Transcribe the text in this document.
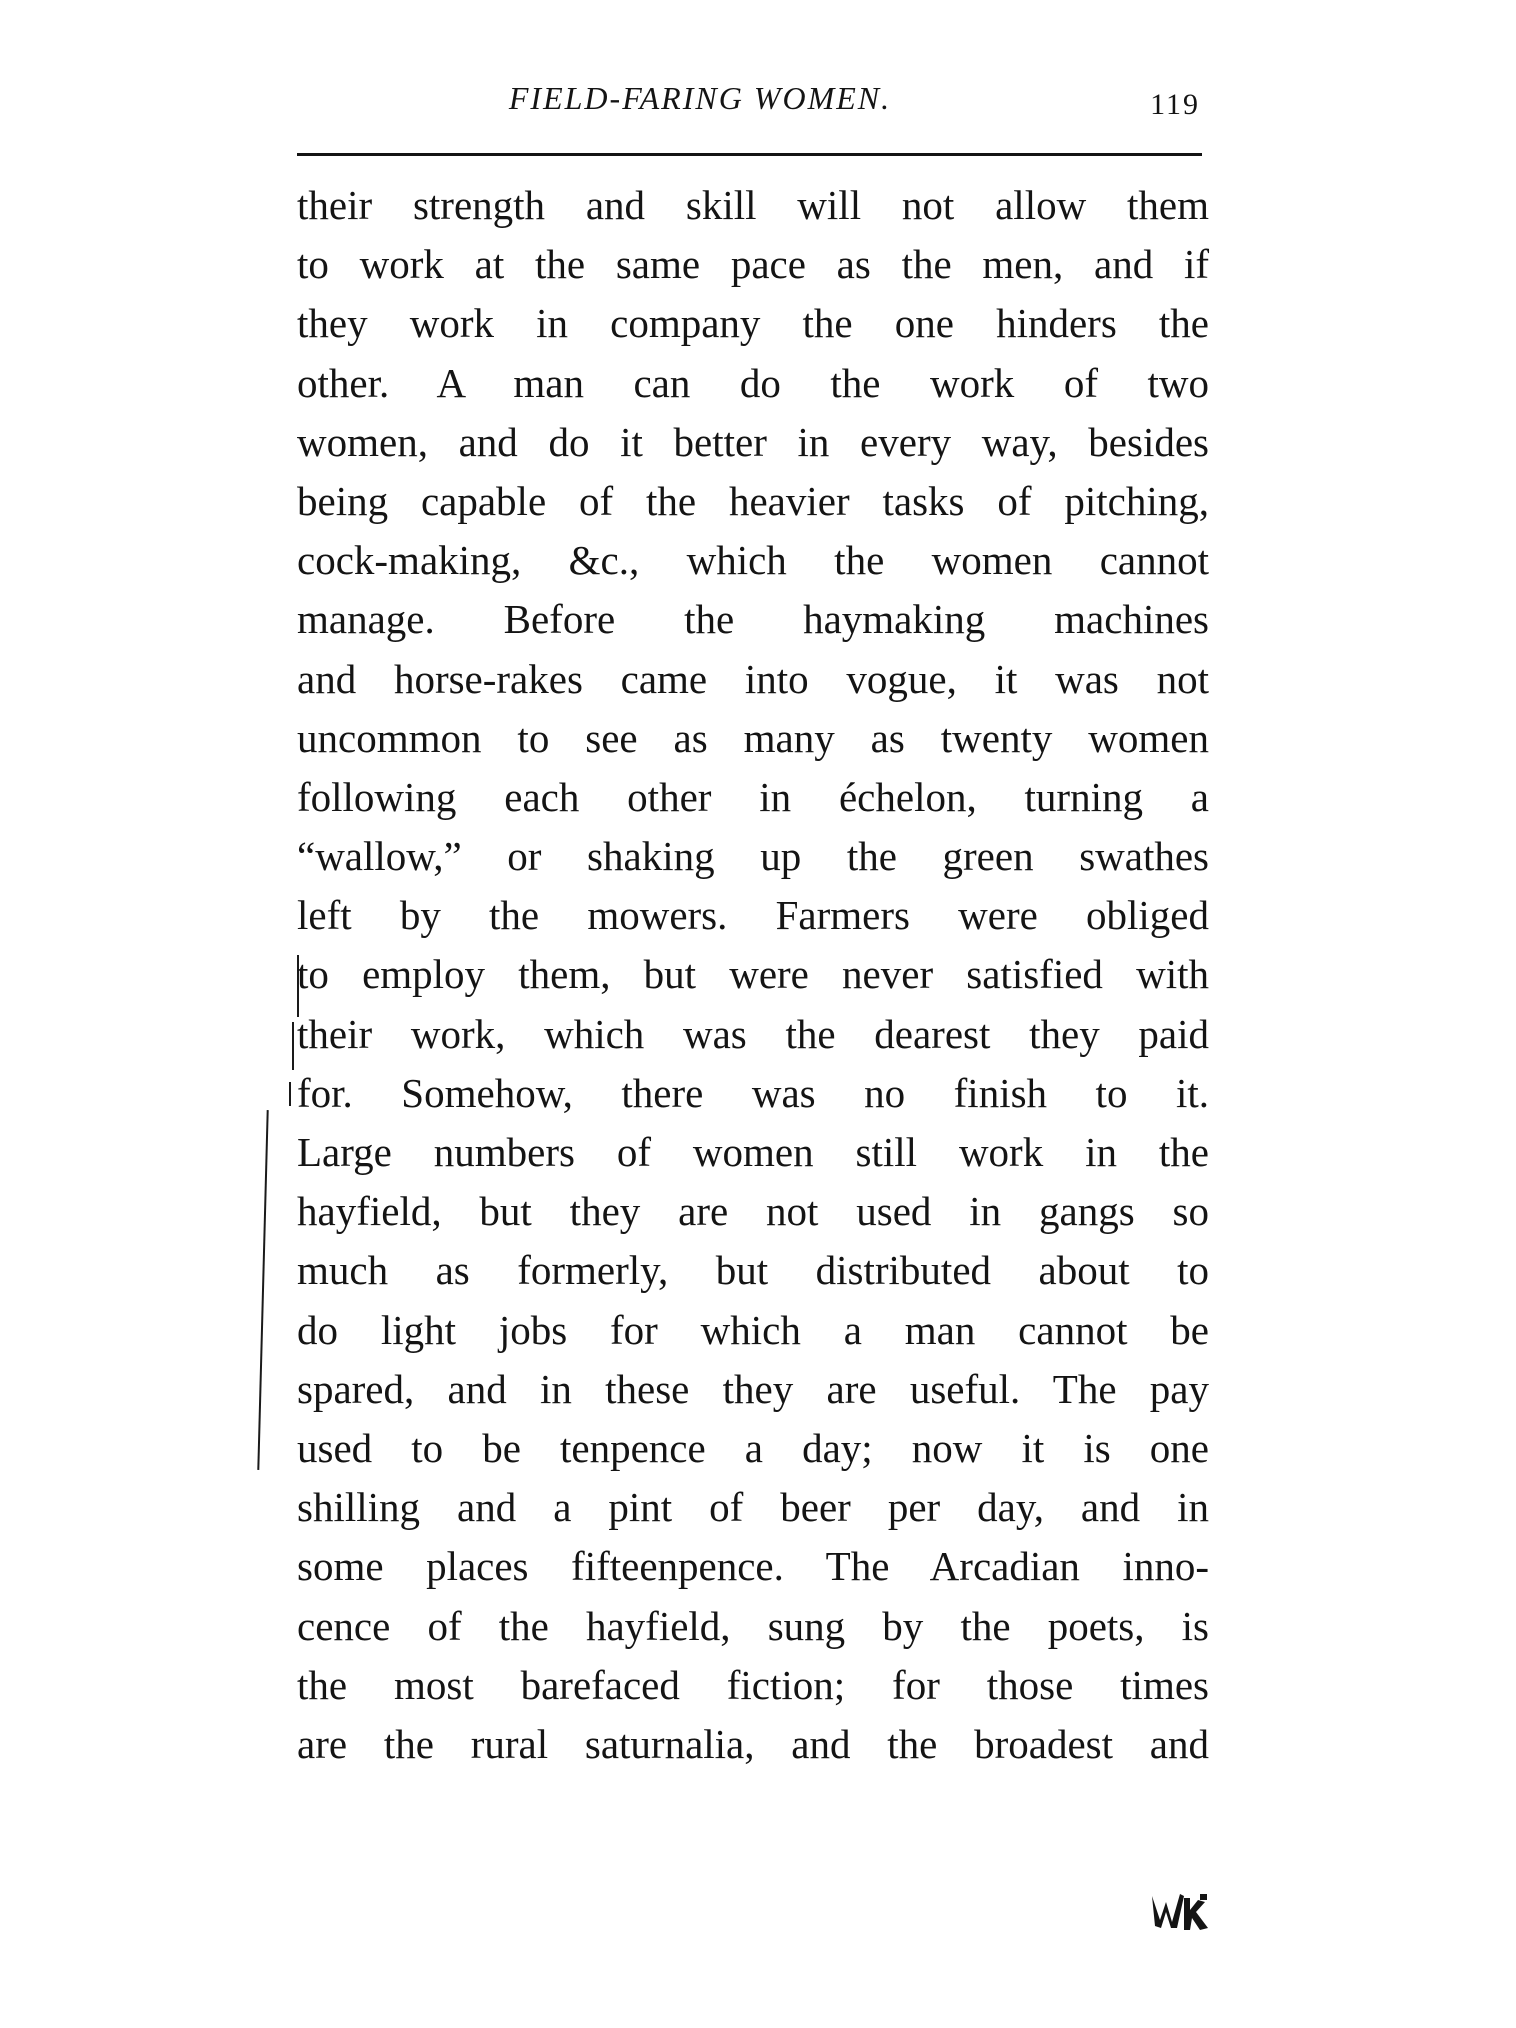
FIELD-FARING WOMEN.	119
their strength and skill will not allow them
to work at the same pace as the men, and if
they work in company the one hinders the
other. A man can do the work of two
women, and do it better in every way, besides
being capable of the heavier tasks of pitching,
cock-making, &c., which the women cannot
manage. Before the haymaking machines
and horse-rakes came into vogue, it was not
uncommon to see as many as twenty women
following each other in échelon, turning a
“wallow,” or shaking up the green swathes
left by the mowers. Farmers were obliged
to employ them, but were never satisfied with
their work, which was the dearest they paid
for. Somehow, there was no finish to it.
Large numbers of women still work in the
hayfield, but they are not used in gangs so
much as formerly, but distributed about to
do light jobs for which a man cannot be
spared, and in these they are useful. The pay
used to be tenpence a day; now it is one
shilling and a pint of beer per day, and in
some places fifteenpence. The Arcadian inno-
cence of the hayfield, sung by the poets, is
the most barefaced fiction; for those times
are the rural saturnalia, and the broadest and
